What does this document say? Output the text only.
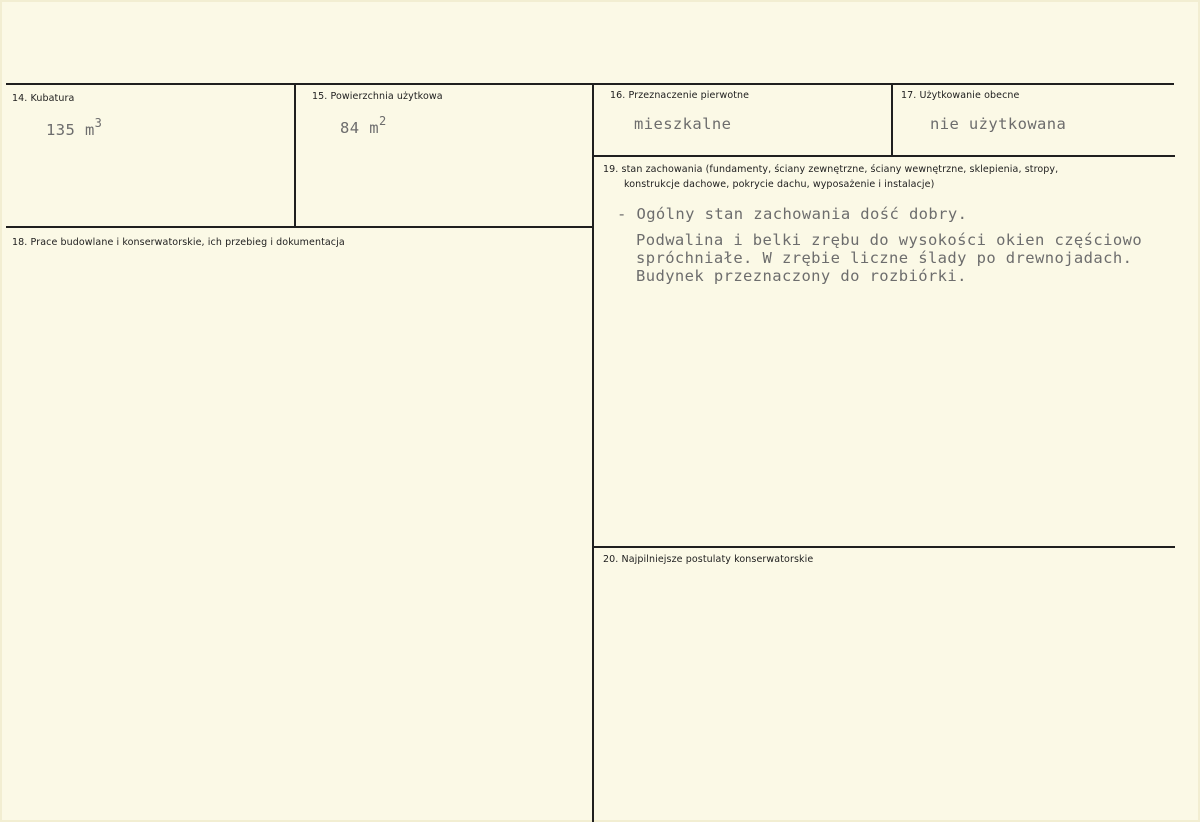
14. Kubatura
135 $m^3$
15. Powierzchnia użytkowa
84 $m^2$
16. Przeznaczenie pierwotne
mieszkalne
17. Użytkowanie obecne
nie użytkowana
18. Prace budowlane i konserwatorskie, ich przebieg i dokumentacja
19. stan zachowania (fundamenty, ściany zewnętrzne, ściany wewnętrzne, sklepienia, stropy,
konstrukcje dachowe, pokrycie dachu, wyposażenie i instalacje)
- Ogólny stan zachowania dość dobry.
Podwalina i belki zrębu do wysokości okien częściowo
spróchniałe. W zrębie liczne ślady po drewnojadach.
Budynek przeznaczony do rozbiórki.
20. Najpilniejsze postulaty konserwatorskie
